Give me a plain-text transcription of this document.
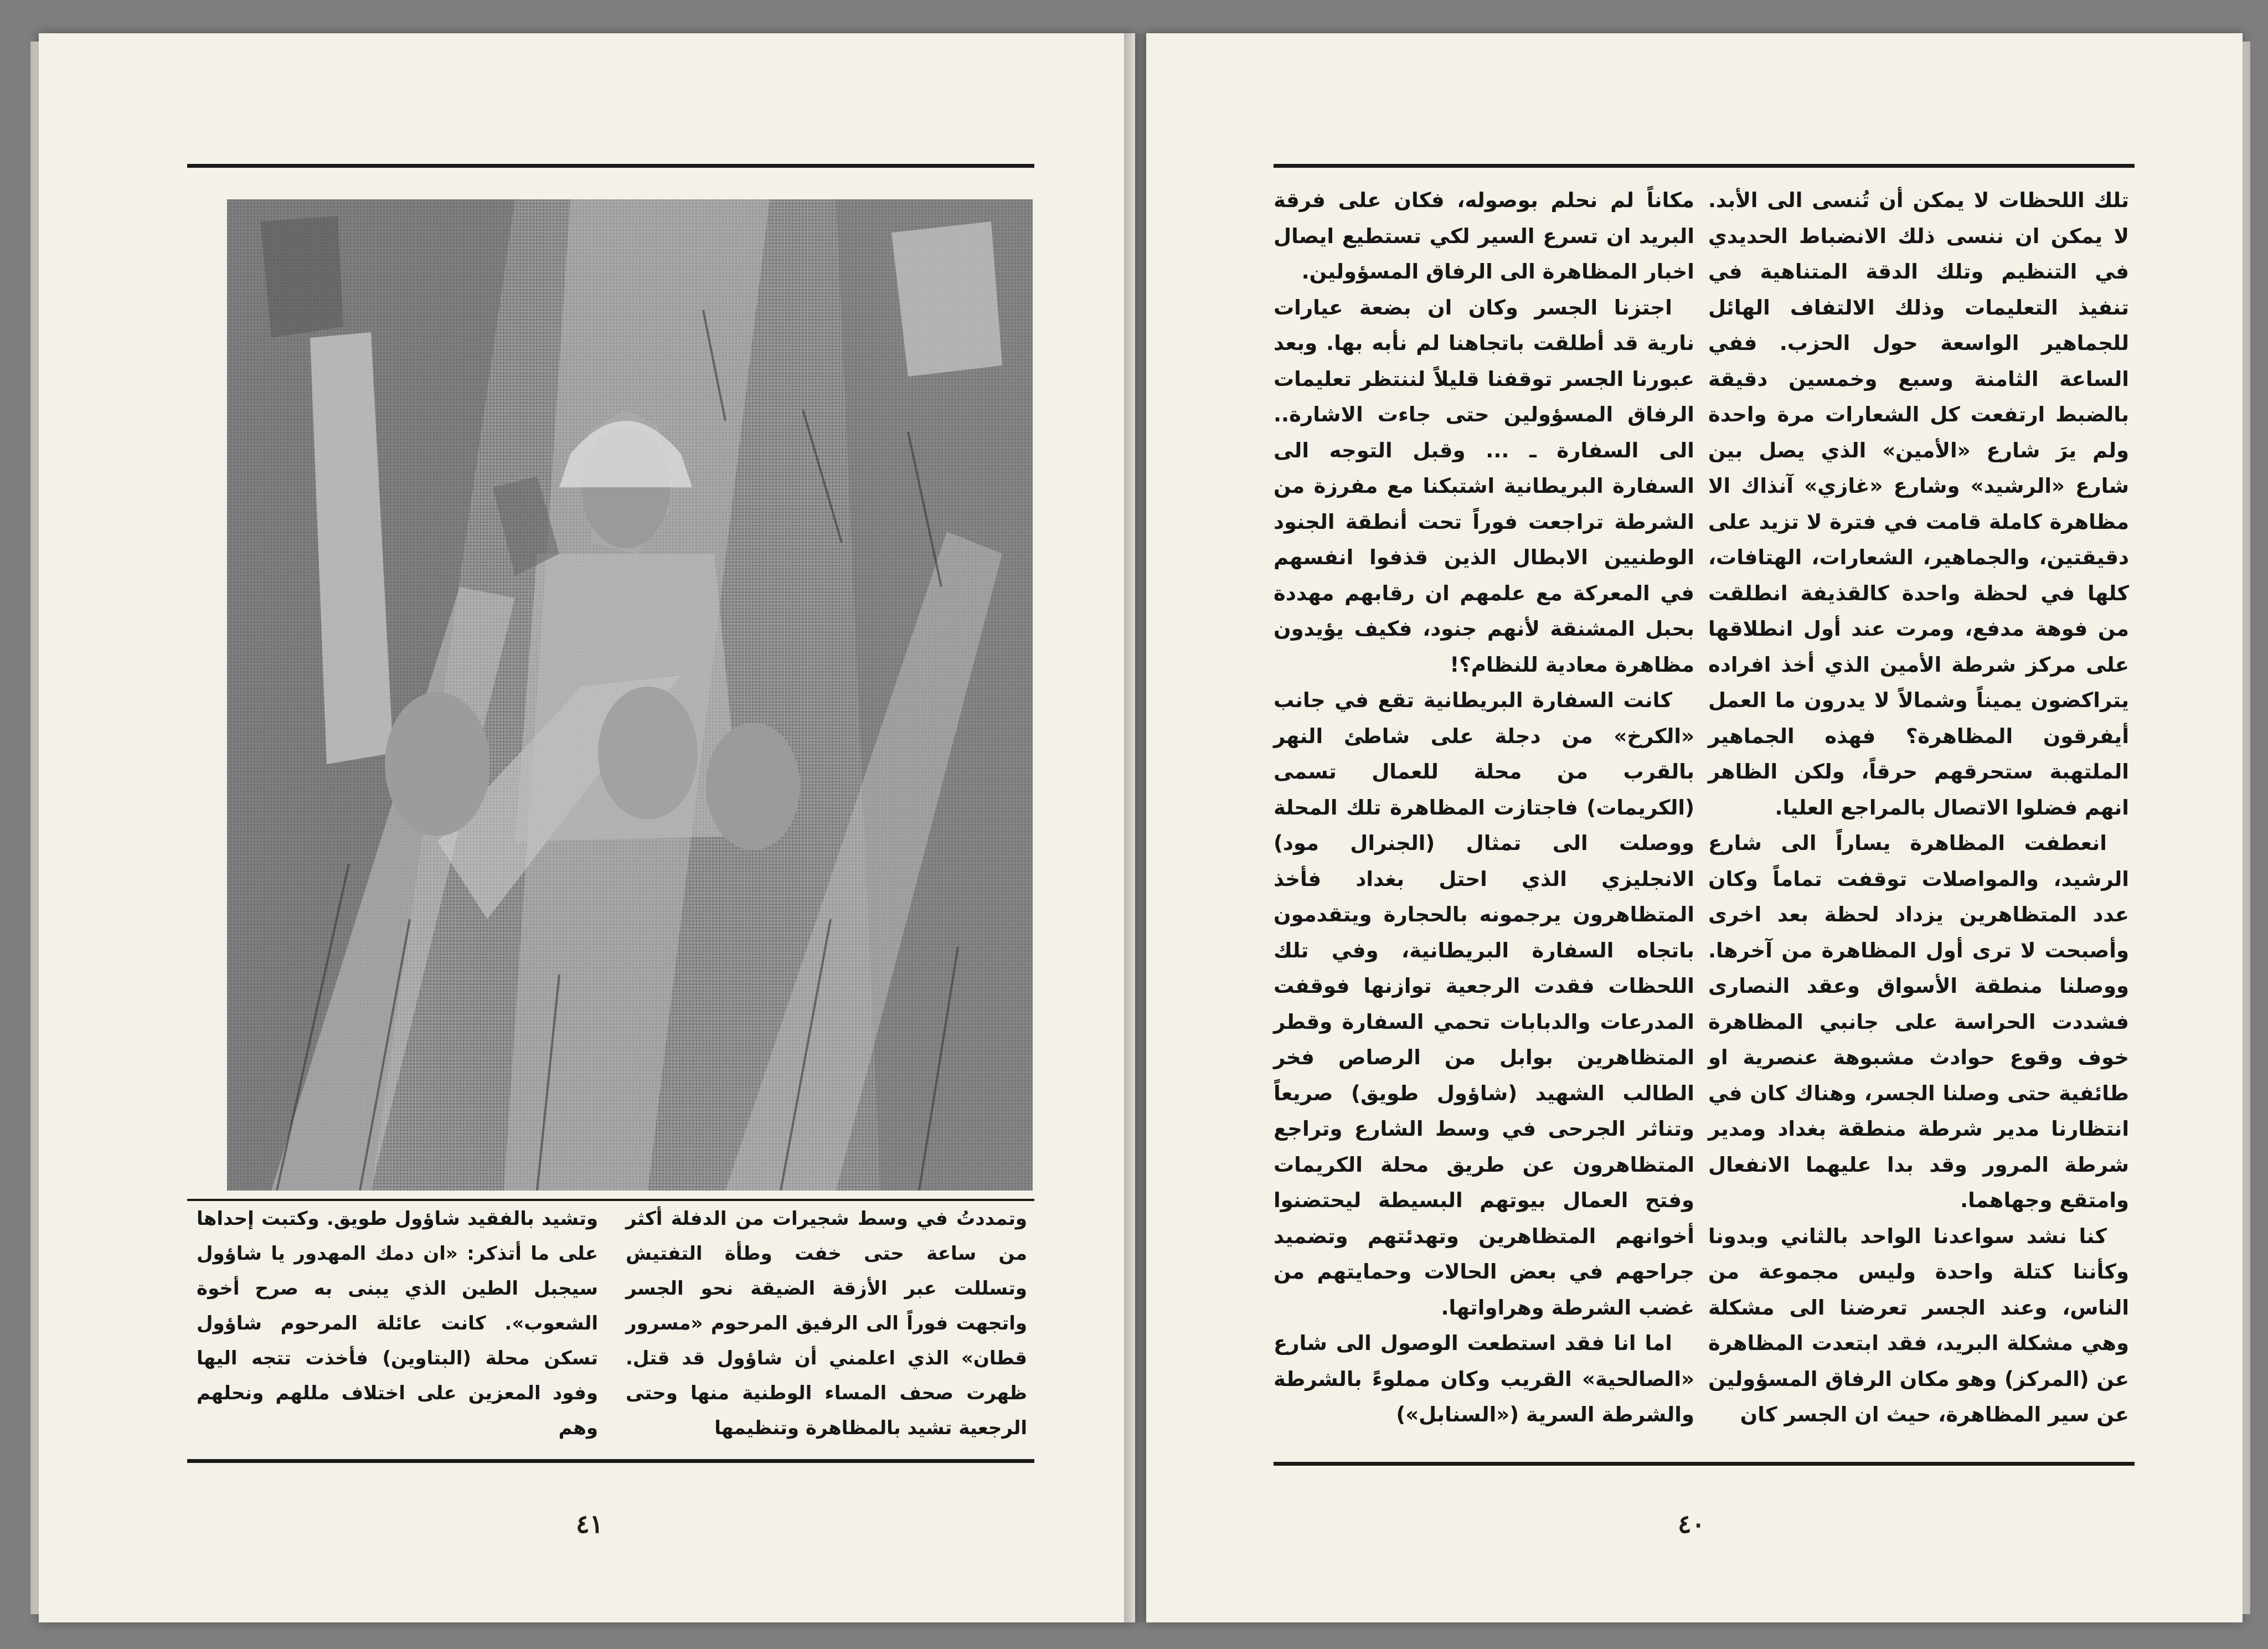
وتمددتُ في وسط شجيرات من الدفلة أكثر من ساعة حتى خفت وطأة التفتيش وتسللت عبر الأزقة الضيقة نحو الجسر واتجهت فوراً الى الرفيق المرحوم «مسرور قطان» الذي اعلمني أن شاؤول قد قتل. ظهرت صحف المساء الوطنية منها وحتى الرجعية تشيد بالمظاهرة وتنظيمها

وتشيد بالفقيد شاؤول طويق. وكتبت إحداها على ما أتذكر: «ان دمك المهدور يا شاؤول سيجبل الطين الذي يبنى به صرح أخوة الشعوب». كانت عائلة المرحوم شاؤول تسكن محلة (البتاوين) فأخذت تتجه اليها وفود المعزين على اختلاف مللهم ونحلهم وهم

٤١

تلك اللحظات لا يمكن أن تُنسى الى الأبد. لا يمكن ان ننسى ذلك الانضباط الحديدي في التنظيم وتلك الدقة المتناهية في تنفيذ التعليمات وذلك الالتفاف الهائل للجماهير الواسعة حول الحزب. ففي الساعة الثامنة وسبع وخمسين دقيقة بالضبط ارتفعت كل الشعارات مرة واحدة ولم يرَ شارع «الأمين» الذي يصل بين شارع «الرشيد» وشارع «غازي» آنذاك الا مظاهرة كاملة قامت في فترة لا تزيد على دقيقتين، والجماهير، الشعارات، الهتافات، كلها في لحظة واحدة كالقذيفة انطلقت من فوهة مدفع، ومرت عند أول انطلاقها على مركز شرطة الأمين الذي أخذ افراده يتراكضون يميناً وشمالاً لا يدرون ما العمل أيفرقون المظاهرة؟ فهذه الجماهير الملتهبة ستحرقهم حرقاً، ولكن الظاهر انهم فضلوا الاتصال بالمراجع العليا.

انعطفت المظاهرة يساراً الى شارع الرشيد، والمواصلات توقفت تماماً وكان عدد المتظاهرين يزداد لحظة بعد اخرى وأصبحت لا ترى أول المظاهرة من آخرها. ووصلنا منطقة الأسواق وعقد النصارى فشددت الحراسة على جانبي المظاهرة خوف وقوع حوادث مشبوهة عنصرية او طائفية حتى وصلنا الجسر، وهناك كان في انتظارنا مدير شرطة منطقة بغداد ومدير شرطة المرور وقد بدا عليهما الانفعال وامتقع وجهاهما.

كنا نشد سواعدنا الواحد بالثاني وبدونا وكأننا كتلة واحدة وليس مجموعة من الناس، وعند الجسر تعرضنا الى مشكلة وهي مشكلة البريد، فقد ابتعدت المظاهرة عن (المركز) وهو مكان الرفاق المسؤولين عن سير المظاهرة، حيث ان الجسر كان

مكاناً لم نحلم بوصوله، فكان على فرقة البريد ان تسرع السير لكي تستطيع ايصال اخبار المظاهرة الى الرفاق المسؤولين.

اجتزنا الجسر وكان ان بضعة عيارات نارية قد أطلقت باتجاهنا لم نأبه بها. وبعد عبورنا الجسر توقفنا قليلاً لننتظر تعليمات الرفاق المسؤولين حتى جاءت الاشارة.. الى السفارة ـ ... وقبل التوجه الى السفارة البريطانية اشتبكنا مع مفرزة من الشرطة تراجعت فوراً تحت أنطقة الجنود الوطنيين الابطال الذين قذفوا انفسهم في المعركة مع علمهم ان رقابهم مهددة بحبل المشنقة لأنهم جنود، فكيف يؤيدون مظاهرة معادية للنظام؟!

كانت السفارة البريطانية تقع في جانب «الكرخ» من دجلة على شاطئ النهر بالقرب من محلة للعمال تسمى (الكريمات) فاجتازت المظاهرة تلك المحلة ووصلت الى تمثال (الجنرال مود) الانجليزي الذي احتل بغداد فأخذ المتظاهرون يرجمونه بالحجارة ويتقدمون باتجاه السفارة البريطانية، وفي تلك اللحظات فقدت الرجعية توازنها فوقفت المدرعات والدبابات تحمي السفارة وقطر المتظاهرين بوابل من الرصاص فخر الطالب الشهيد (شاؤول طويق) صريعاً وتناثر الجرحى في وسط الشارع وتراجع المتظاهرون عن طريق محلة الكريمات وفتح العمال بيوتهم البسيطة ليحتضنوا أخوانهم المتظاهرين وتهدئتهم وتضميد جراحهم في بعض الحالات وحمايتهم من غضب الشرطة وهراواتها.

اما انا فقد استطعت الوصول الى شارع «الصالحية» القريب وكان مملوءً بالشرطة والشرطة السرية («السنابل»)

٤٠
